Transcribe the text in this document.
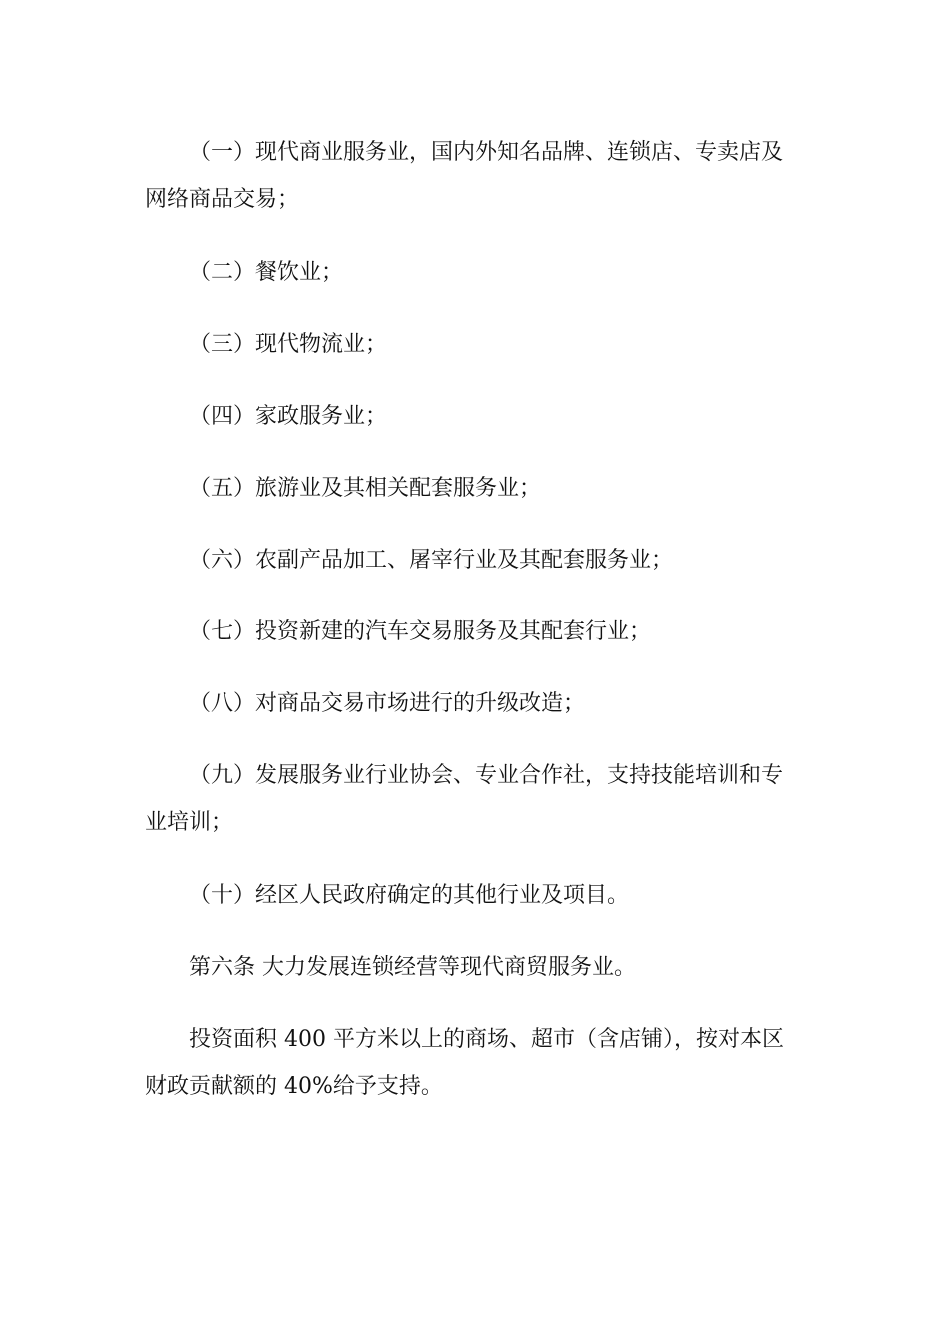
（一）现代商业服务业，国内外知名品牌、连锁店、专卖店及
网络商品交易；
（二）餐饮业；
（三）现代物流业；
（四）家政服务业；
（五）旅游业及其相关配套服务业；
（六）农副产品加工、屠宰行业及其配套服务业；
（七）投资新建的汽车交易服务及其配套行业；
（八）对商品交易市场进行的升级改造；
（九）发展服务业行业协会、专业合作社，支持技能培训和专
业培训；
（十）经区人民政府确定的其他行业及项目。
第六条 大力发展连锁经营等现代商贸服务业。
投资面积 400 平方米以上的商场、超市（含店铺），按对本区
财政贡献额的 40%给予支持。
